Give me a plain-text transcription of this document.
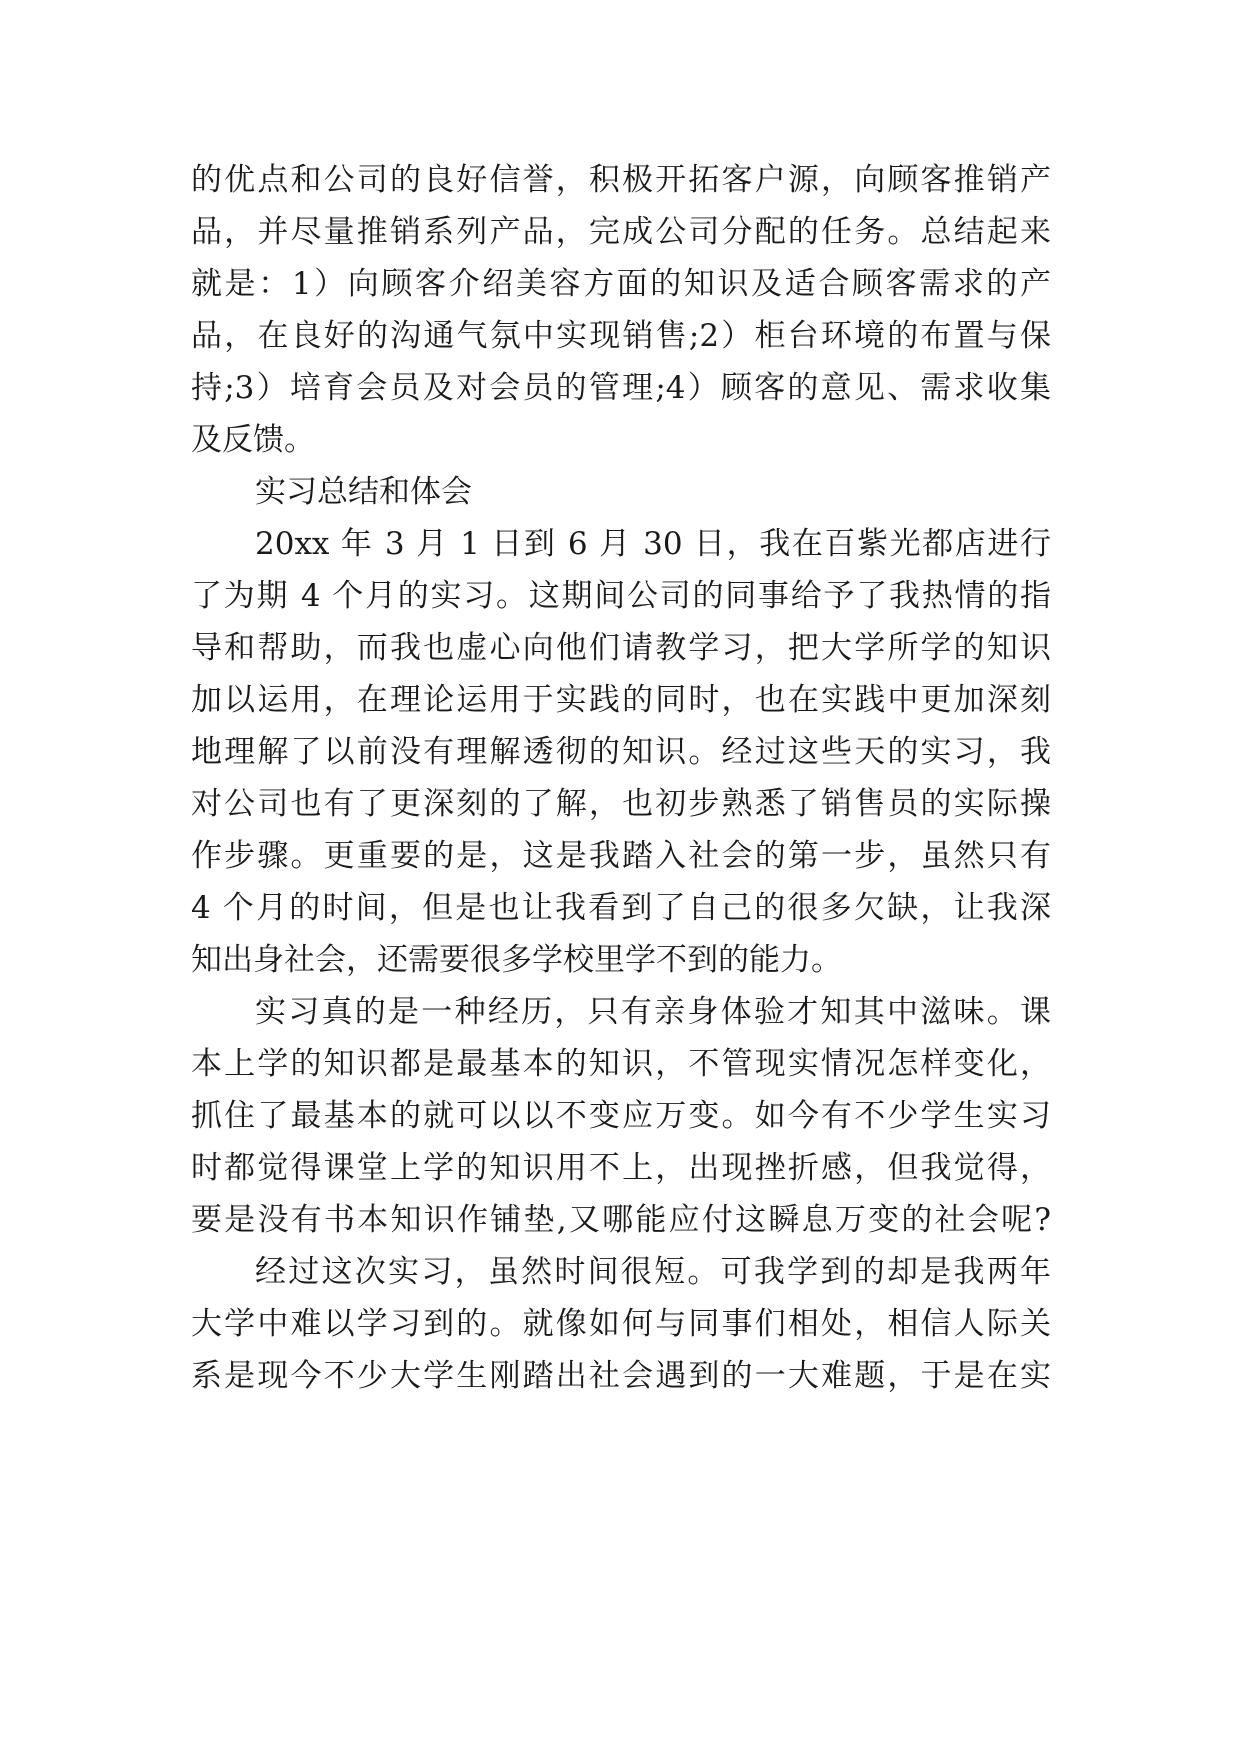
的优点和公司的良好信誉，积极开拓客户源，向顾客推销产
品，并尽量推销系列产品，完成公司分配的任务。总结起来
就是：1）向顾客介绍美容方面的知识及适合顾客需求的产
品，在良好的沟通气氛中实现销售;2）柜台环境的布置与保
持;3）培育会员及对会员的管理;4）顾客的意见、需求收集
及反馈。
实习总结和体会
20xx 年 3 月 1 日到 6 月 30 日，我在百紫光都店进行
了为期 4 个月的实习。这期间公司的同事给予了我热情的指
导和帮助，而我也虚心向他们请教学习，把大学所学的知识
加以运用，在理论运用于实践的同时，也在实践中更加深刻
地理解了以前没有理解透彻的知识。经过这些天的实习，我
对公司也有了更深刻的了解，也初步熟悉了销售员的实际操
作步骤。更重要的是，这是我踏入社会的第一步，虽然只有
4 个月的时间，但是也让我看到了自己的很多欠缺，让我深
知出身社会，还需要很多学校里学不到的能力。
实习真的是一种经历，只有亲身体验才知其中滋味。课
本上学的知识都是最基本的知识，不管现实情况怎样变化，
抓住了最基本的就可以以不变应万变。如今有不少学生实习
时都觉得课堂上学的知识用不上，出现挫折感，但我觉得，
要是没有书本知识作铺垫,又哪能应付这瞬息万变的社会呢?
经过这次实习，虽然时间很短。可我学到的却是我两年
大学中难以学习到的。就像如何与同事们相处，相信人际关
系是现今不少大学生刚踏出社会遇到的一大难题，于是在实
